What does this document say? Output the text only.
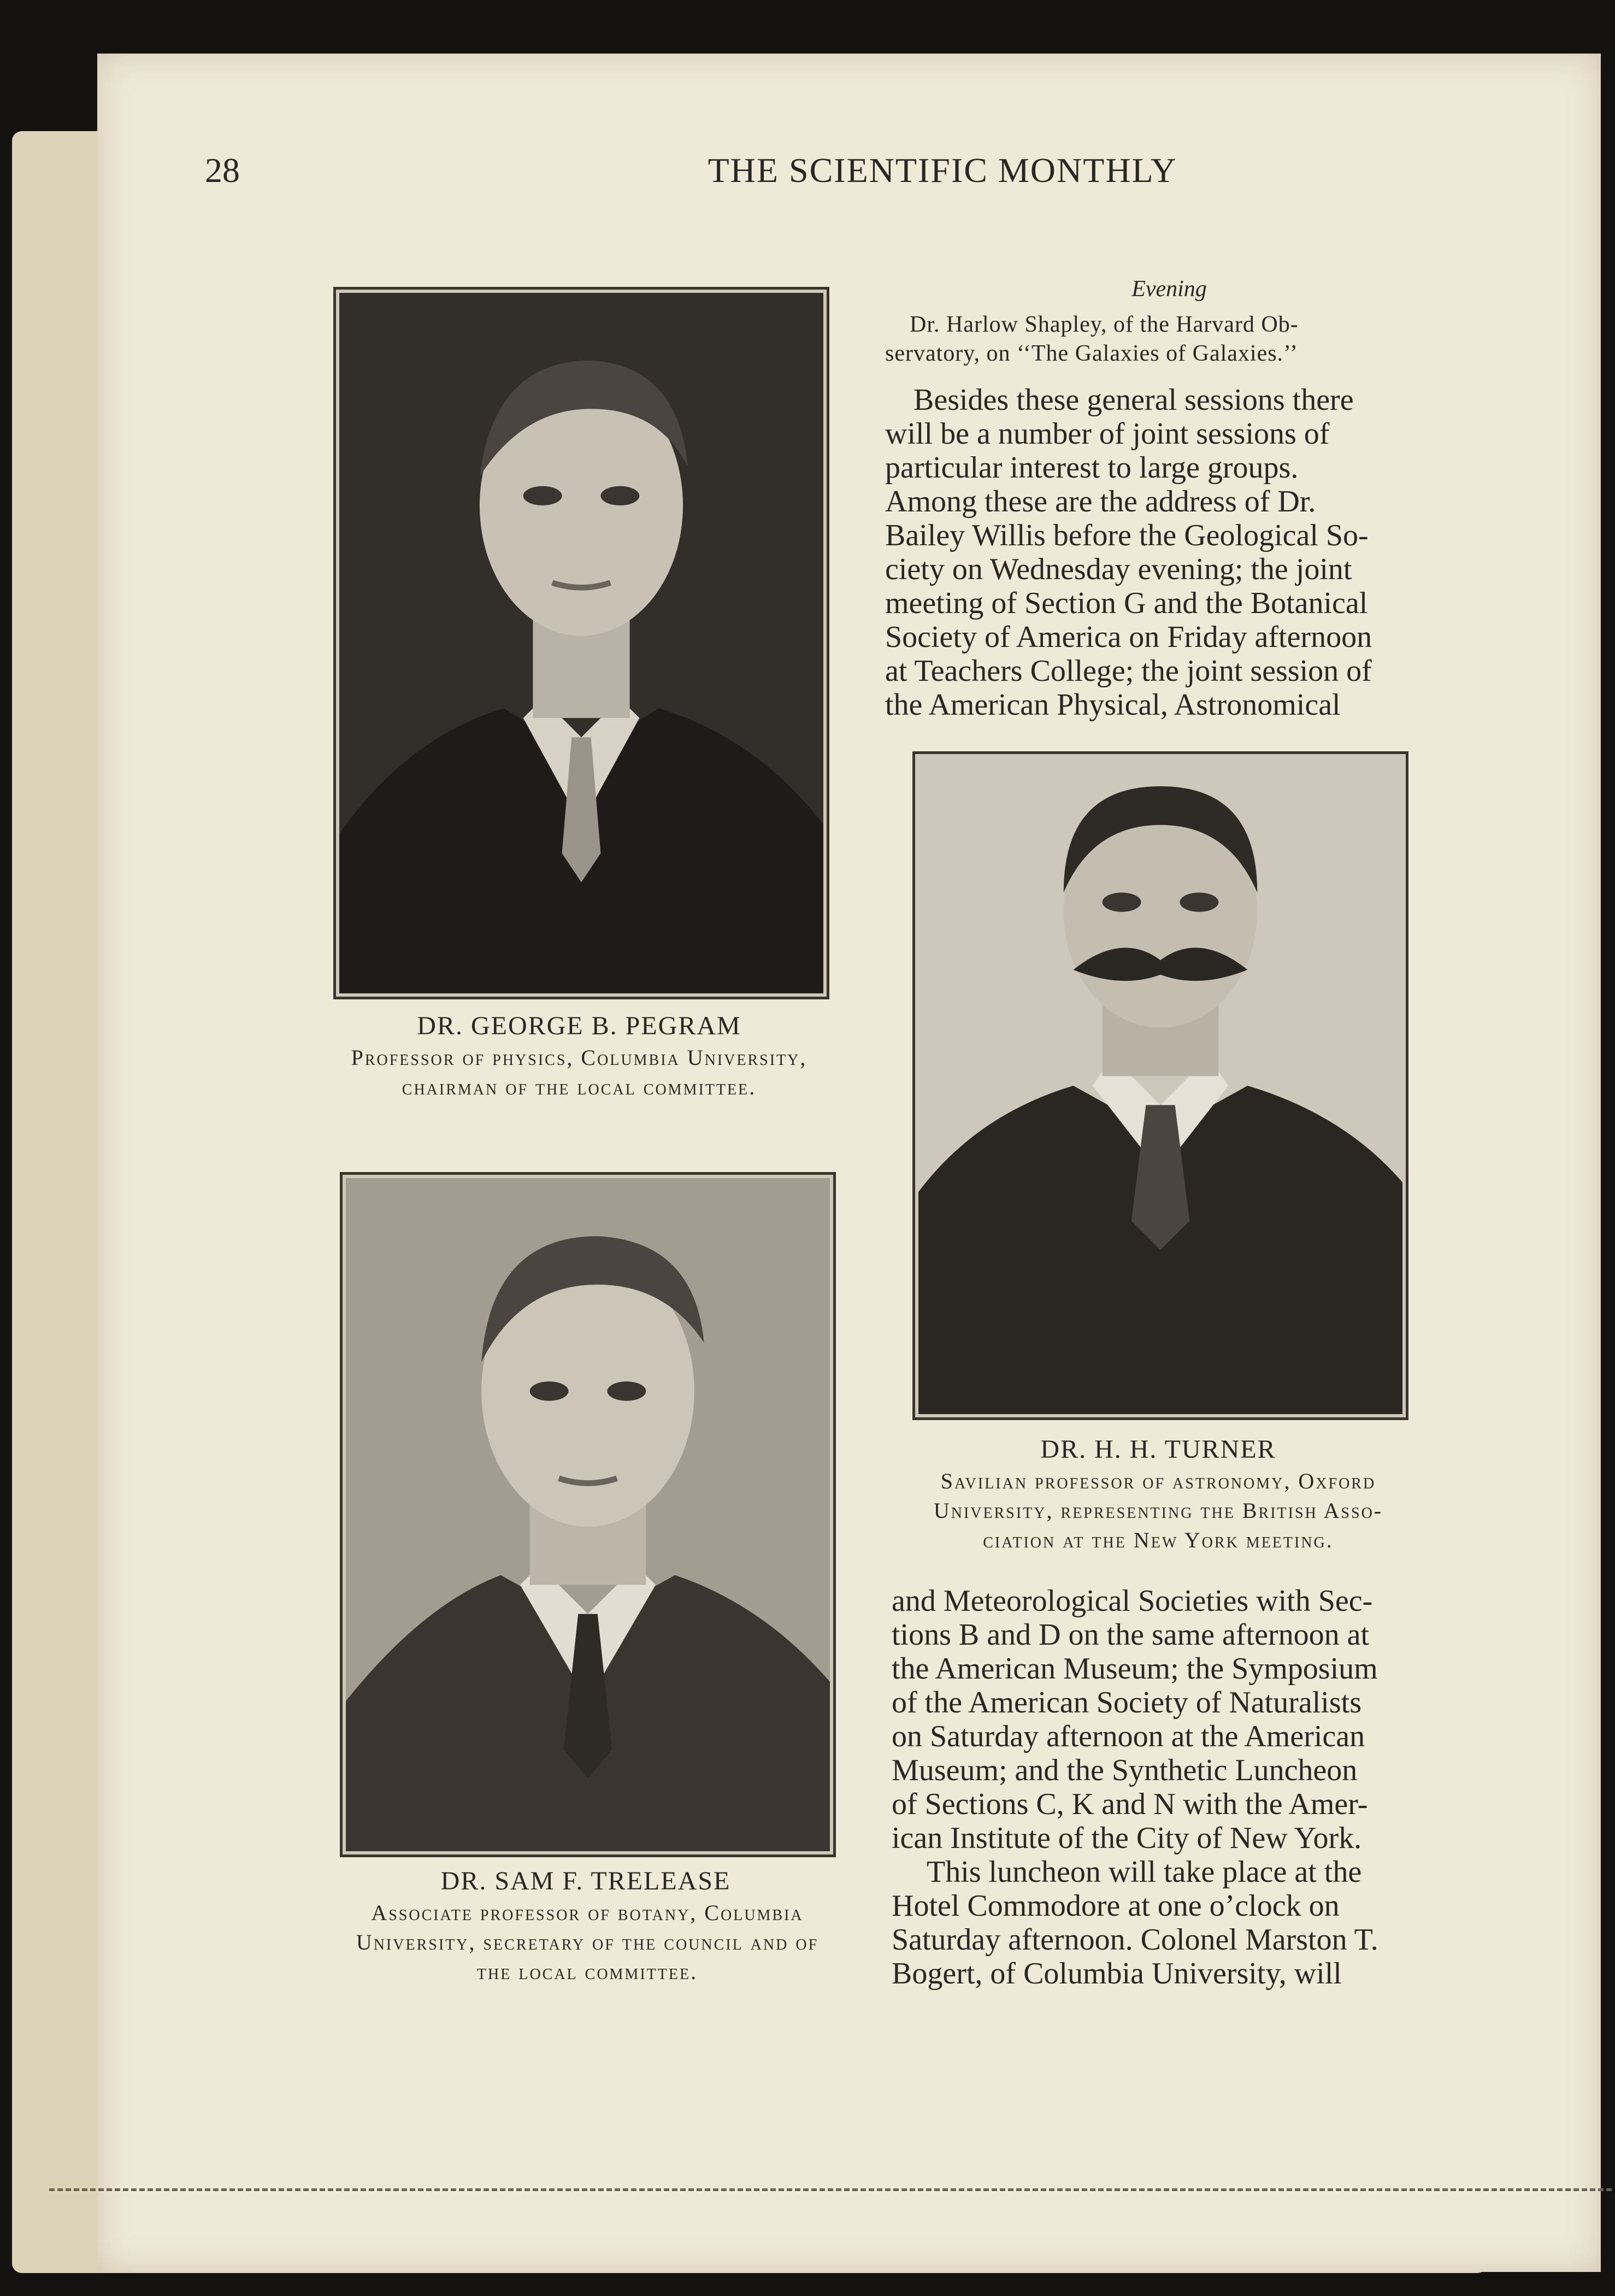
28	THE SCIENTIFIC MONTHLY
DR. GEORGE B. PEGRAM
Professor of physics, Columbia University,
chairman of the local committee.
DR. SAM F. TRELEASE
Associate professor of botany, Columbia
University, secretary of the council and of
the local committee.
DR. H. H. TURNER
Savilian professor of astronomy, Oxford
University, representing the British Asso-
ciation at the New York meeting.
Evening
Dr. Harlow Shapley, of the Harvard Ob-
servatory, on ‘‘The Galaxies of Galaxies.’’
Besides these general sessions there
will be a number of joint sessions of
particular interest to large groups.
Among these are the address of Dr.
Bailey Willis before the Geological So-
ciety on Wednesday evening; the joint
meeting of Section G and the Botanical
Society of America on Friday afternoon
at Teachers College; the joint session of
the American Physical, Astronomical
and Meteorological Societies with Sec-
tions B and D on the same afternoon at
the American Museum; the Symposium
of the American Society of Naturalists
on Saturday afternoon at the American
Museum; and the Synthetic Luncheon
of Sections C, K and N with the Amer-
ican Institute of the City of New York.
This luncheon will take place at the
Hotel Commodore at one o’clock on
Saturday afternoon. Colonel Marston T.
Bogert, of Columbia University, will
